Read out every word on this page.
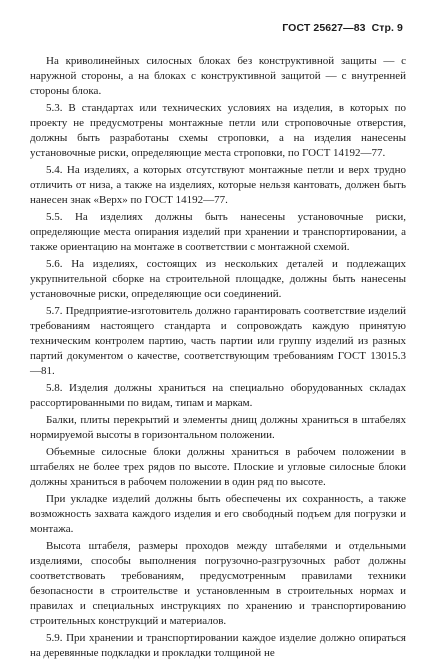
ГОСТ 25627—83 Стр. 9

На криволинейных силосных блоках без конструктивной защиты — с наружной стороны, а на блоках с конструктивной защитой — с внутренней стороны блока.

5.3. В стандартах или технических условиях на изделия, в которых по проекту не предусмотрены монтажные петли или строповочные отверстия, должны быть разработаны схемы строповки, а на изделия нанесены установочные риски, определяющие места строповки, по ГОСТ 14192—77.

5.4. На изделиях, а которых отсутствуют монтажные петли и верх трудно отличить от низа, а также на изделиях, которые нельзя кантовать, должен быть нанесен знак «Верх» по ГОСТ 14192—77.

5.5. На изделиях должны быть нанесены установочные риски, определяющие места опирания изделий при хранении и транспортировании, а также ориентацию на монтаже в соответствии с монтажной схемой.

5.6. На изделиях, состоящих из нескольких деталей и подлежащих укрупнительной сборке на строительной площадке, должны быть нанесены установочные риски, определяющие оси соединений.

5.7. Предприятие-изготовитель должно гарантировать соответствие изделий требованиям настоящего стандарта и сопровождать каждую принятую техническим контролем партию, часть партии или группу изделий из разных партий документом о качестве, соответствующим требованиям ГОСТ 13015.3—81.

5.8. Изделия должны храниться на специально оборудованных складах рассортированными по видам, типам и маркам.

Балки, плиты перекрытий и элементы днищ должны храниться в штабелях нормируемой высоты в горизонтальном положении.

Объемные силосные блоки должны храниться в рабочем положении в штабелях не более трех рядов по высоте. Плоские и угловые силосные блоки должны храниться в рабочем положении в один ряд по высоте.

При укладке изделий должны быть обеспечены их сохранность, а также возможность захвата каждого изделия и его свободный подъем для погрузки и монтажа.

Высота штабеля, размеры проходов между штабелями и отдельными изделиями, способы выполнения погрузочно-разгрузочных работ должны соответствовать требованиям, предусмотренным правилами техники безопасности в строительстве и установленным в строительных нормах и правилах и специальных инструкциях по хранению и транспортированию строительных конструкций и материалов.

5.9. При хранении и транспортировании каждое изделие должно опираться на деревянные подкладки и прокладки толщиной не
